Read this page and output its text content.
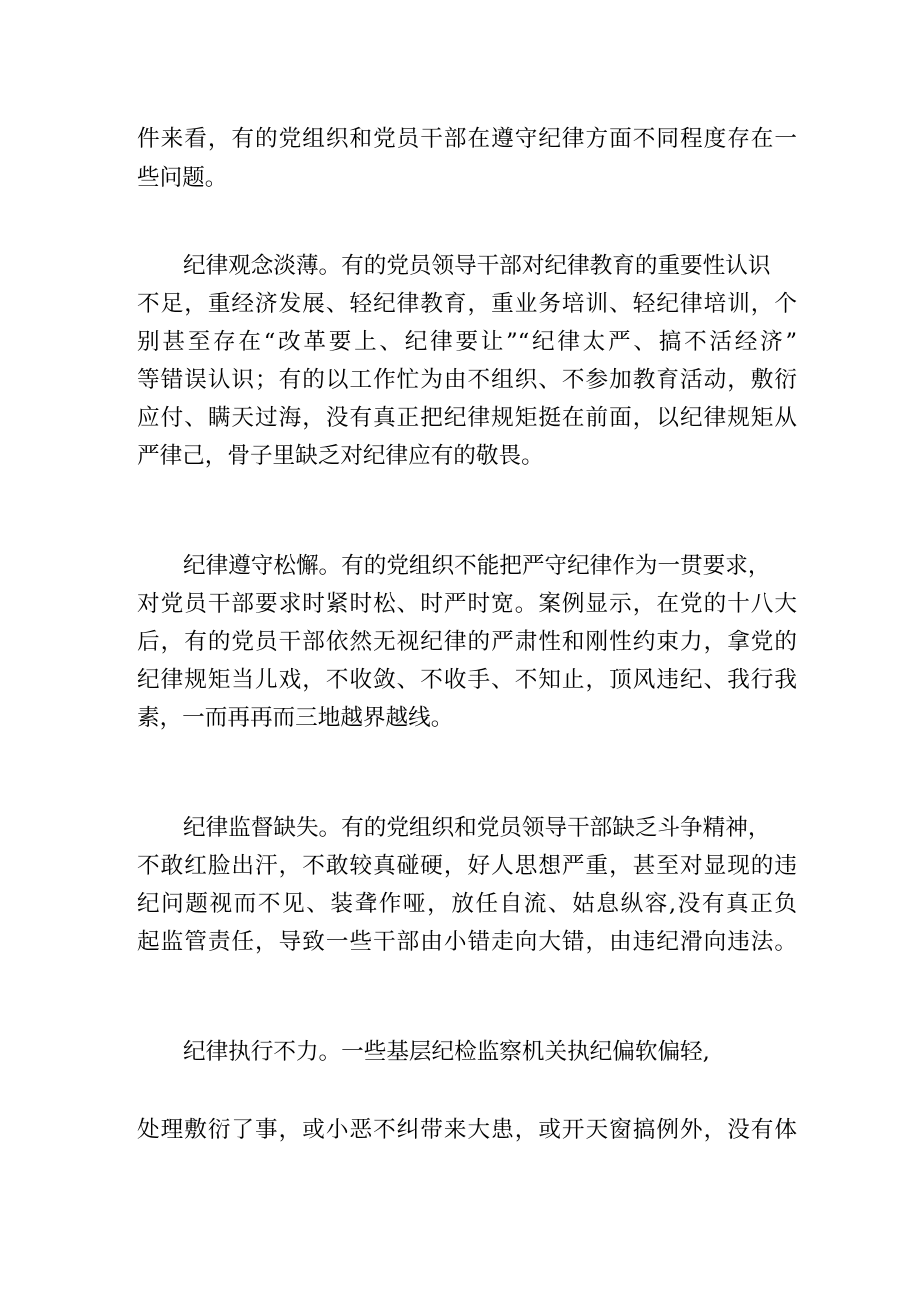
件来看，有的党组织和党员干部在遵守纪律方面不同程度存在一
些问题。
纪律观念淡薄。有的党员领导干部对纪律教育的重要性认识
不足，重经济发展、轻纪律教育，重业务培训、轻纪律培训，个
别甚至存在“改革要上、纪律要让”“纪律太严、搞不活经济”
等错误认识；有的以工作忙为由不组织、不参加教育活动，敷衍
应付、瞒天过海，没有真正把纪律规矩挺在前面，以纪律规矩从
严律己，骨子里缺乏对纪律应有的敬畏。
纪律遵守松懈。有的党组织不能把严守纪律作为一贯要求，
对党员干部要求时紧时松、时严时宽。案例显示，在党的十八大
后，有的党员干部依然无视纪律的严肃性和刚性约束力，拿党的
纪律规矩当儿戏，不收敛、不收手、不知止，顶风违纪、我行我
素，一而再再而三地越界越线。
纪律监督缺失。有的党组织和党员领导干部缺乏斗争精神，
不敢红脸出汗，不敢较真碰硬，好人思想严重，甚至对显现的违
纪问题视而不见、装聋作哑，放任自流、姑息纵容,没有真正负
起监管责任，导致一些干部由小错走向大错，由违纪滑向违法。
纪律执行不力。一些基层纪检监察机关执纪偏软偏轻,
处理敷衍了事，或小恶不纠带来大患，或开天窗搞例外，没有体
